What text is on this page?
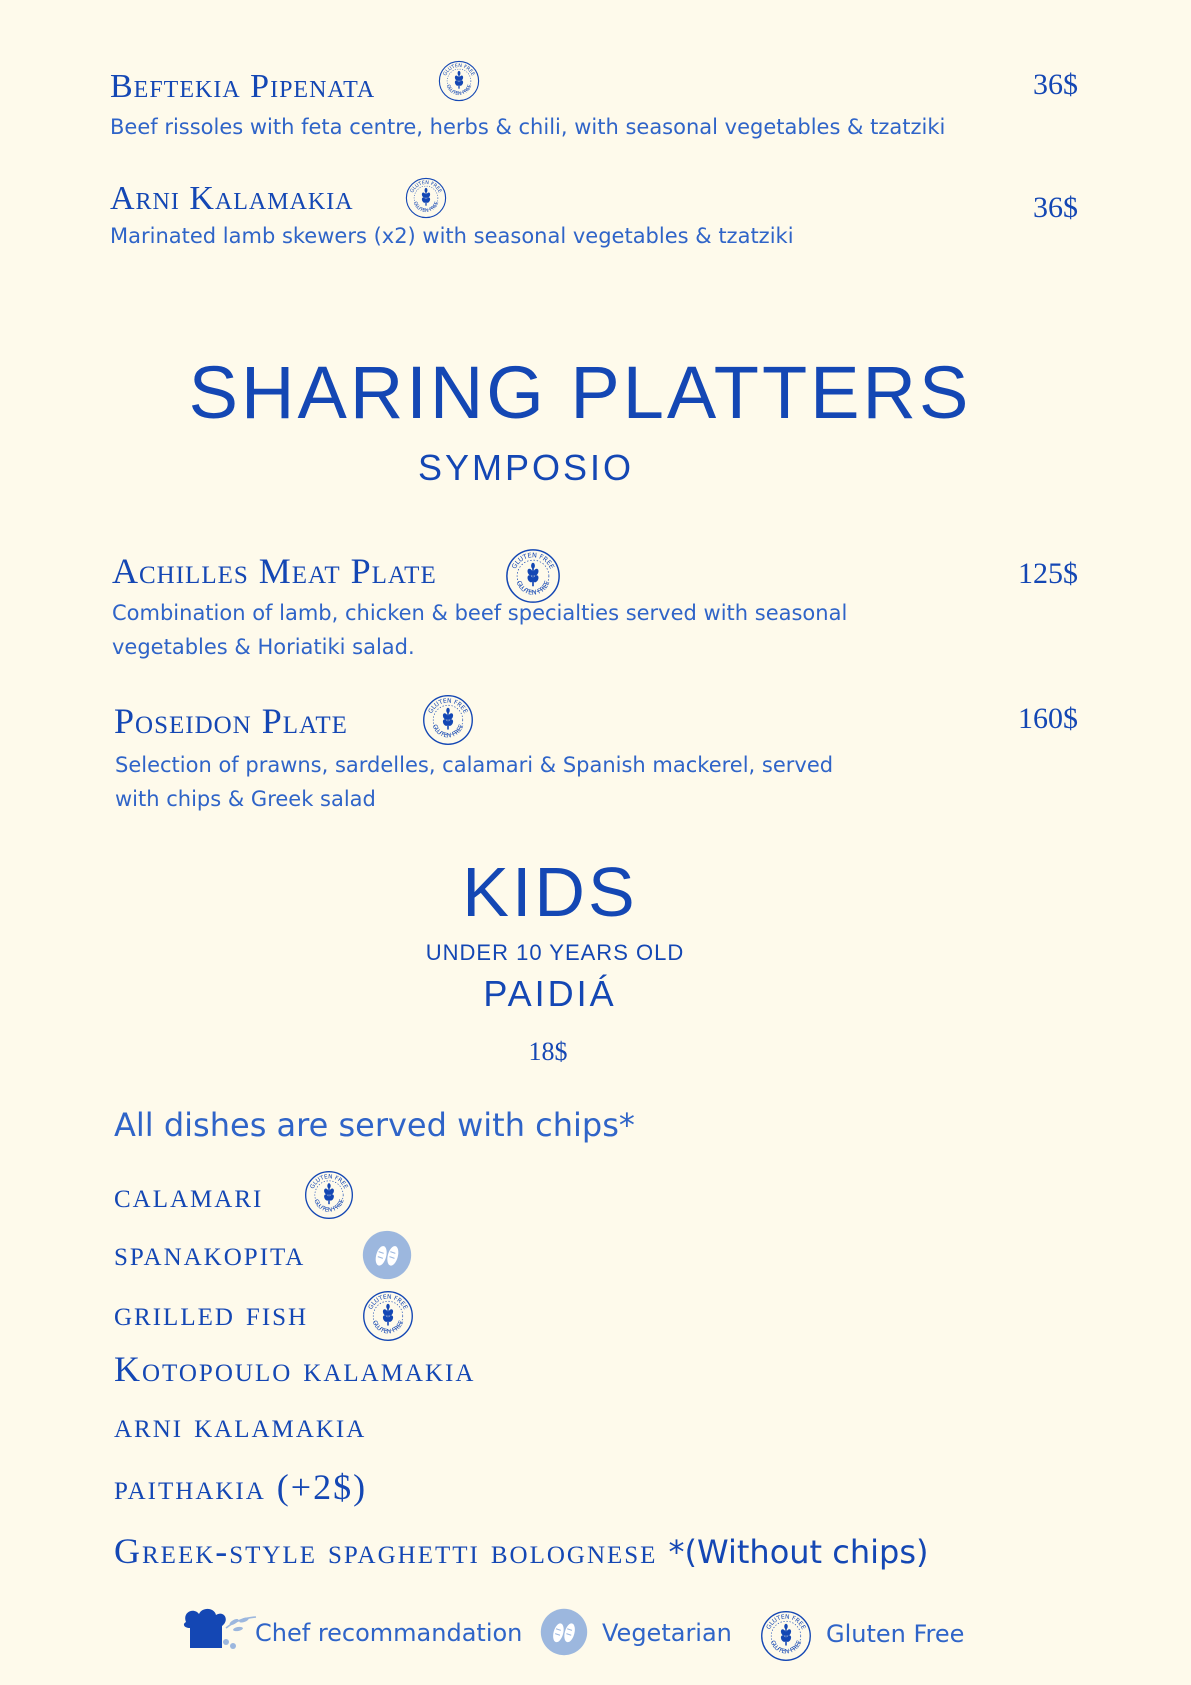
Beftekia Pipenata	36$
Beef rissoles with feta centre, herbs & chili, with seasonal vegetables & tzatziki
Arni Kalamakia	36$
Marinated lamb skewers (x2) with seasonal vegetables & tzatziki
SHARING PLATTERS
SYMPOSIO
Achilles Meat Plate	125$
Combination of lamb, chicken & beef specialties served with seasonal
vegetables & Horiatiki salad.
Poseidon Plate	160$
Selection of prawns, sardelles, calamari & Spanish mackerel, served
with chips & Greek salad
KIDS
UNDER 10 YEARS OLD
PAIDIÁ
18$
All dishes are served with chips*
calamari
spanakopita
grilled fish
Kotopoulo kalamakia
arni kalamakia
paithakia (+2$)
Greek-style spaghetti bolognese *(Without chips)
Chef recommandation	Vegetarian	Gluten Free
